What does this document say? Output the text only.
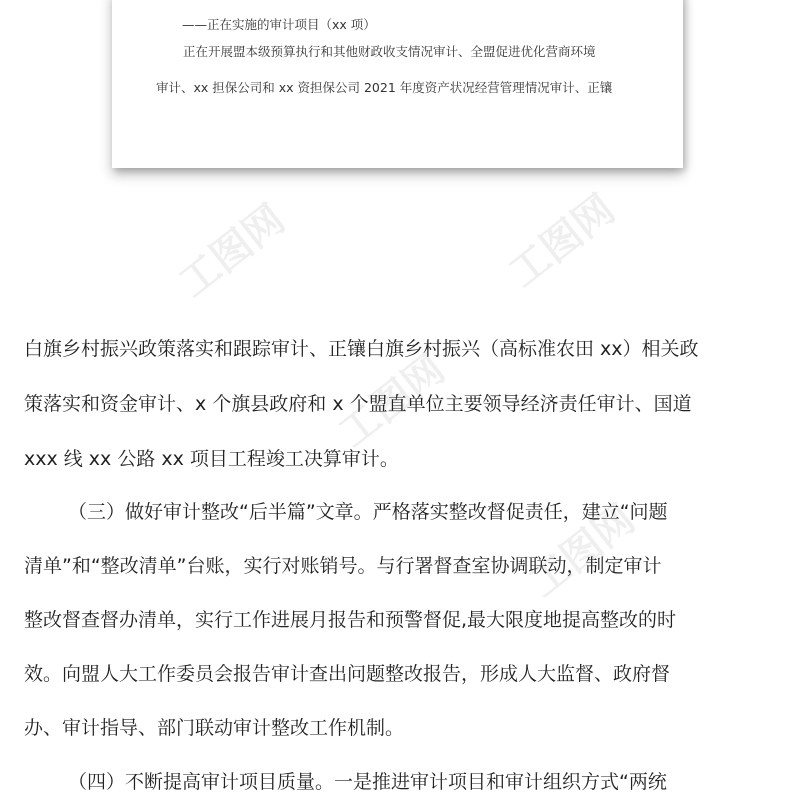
——正在实施的审计项目（xx 项）
正在开展盟本级预算执行和其他财政收支情况审计、全盟促进优化营商环境
审计、xx 担保公司和 xx 资担保公司 2021 年度资产状况经营管理情况审计、正镶
工图网	工图网
工图网
工图网
白旗乡村振兴政策落实和跟踪审计、正镶白旗乡村振兴（高标准农田 xx）相关政
策落实和资金审计、x 个旗县政府和 x 个盟直单位主要领导经济责任审计、国道
xxx 线 xx 公路 xx 项目工程竣工决算审计。
（三）做好审计整改“后半篇”文章。严格落实整改督促责任，建立“问题
清单”和“整改清单”台账，实行对账销号。与行署督查室协调联动，制定审计
整改督查督办清单，实行工作进展月报告和预警督促,最大限度地提高整改的时
效。向盟人大工作委员会报告审计查出问题整改报告，形成人大监督、政府督
办、审计指导、部门联动审计整改工作机制。
（四）不断提高审计项目质量。一是推进审计项目和审计组织方式“两统
